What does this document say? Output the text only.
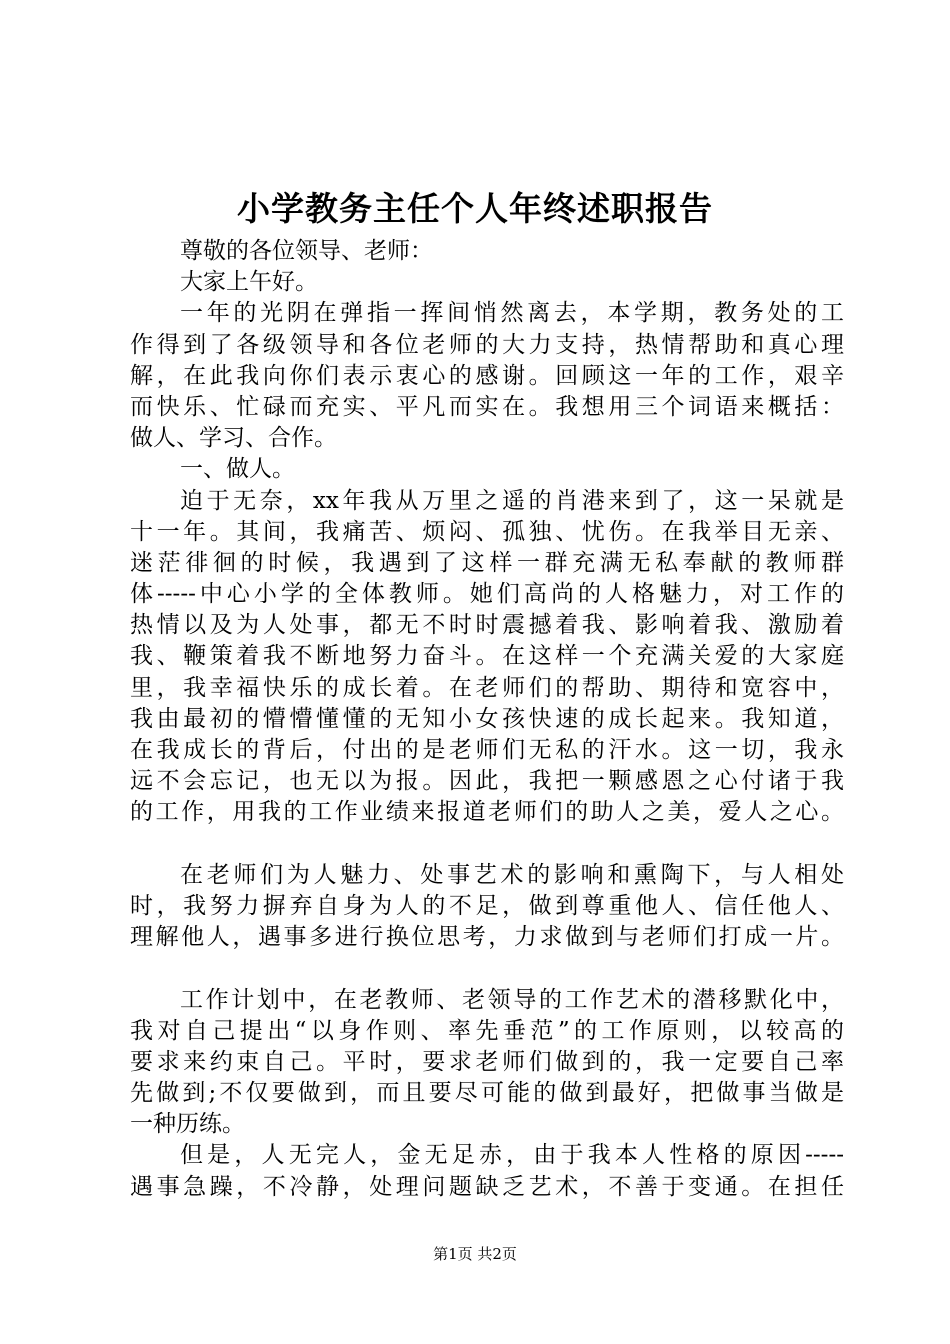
小学教务主任个人年终述职报告
尊敬的各位领导、老师：
大家上午好。
一年的光阴在弹指一挥间悄然离去，本学期，教务处的工
作得到了各级领导和各位老师的大力支持，热情帮助和真心理
解，在此我向你们表示衷心的感谢。回顾这一年的工作，艰辛
而快乐、忙碌而充实、平凡而实在。我想用三个词语来概括：
做人、学习、合作。
一、做人。
迫于无奈，xx年我从万里之遥的肖港来到了，这一呆就是
十一年。其间，我痛苦、烦闷、孤独、忧伤。在我举目无亲、
迷茫徘徊的时候，我遇到了这样一群充满无私奉献的教师群
体-----中心小学的全体教师。她们高尚的人格魅力，对工作的
热情以及为人处事，都无不时时震撼着我、影响着我、激励着
我、鞭策着我不断地努力奋斗。在这样一个充满关爱的大家庭
里，我幸福快乐的成长着。在老师们的帮助、期待和宽容中，
我由最初的懵懵懂懂的无知小女孩快速的成长起来。我知道，
在我成长的背后，付出的是老师们无私的汗水。这一切，我永
远不会忘记，也无以为报。因此，我把一颗感恩之心付诸于我
的工作，用我的工作业绩来报道老师们的助人之美，爱人之心。
在老师们为人魅力、处事艺术的影响和熏陶下，与人相处
时，我努力摒弃自身为人的不足，做到尊重他人、信任他人、
理解他人，遇事多进行换位思考，力求做到与老师们打成一片。
工作计划中，在老教师、老领导的工作艺术的潜移默化中，
我对自己提出“以身作则、率先垂范”的工作原则，以较高的
要求来约束自己。平时，要求老师们做到的，我一定要自己率
先做到;不仅要做到，而且要尽可能的做到最好，把做事当做是
一种历练。
但是，人无完人，金无足赤，由于我本人性格的原因-----
遇事急躁，不冷静，处理问题缺乏艺术，不善于变通。在担任
第1页 共2页
